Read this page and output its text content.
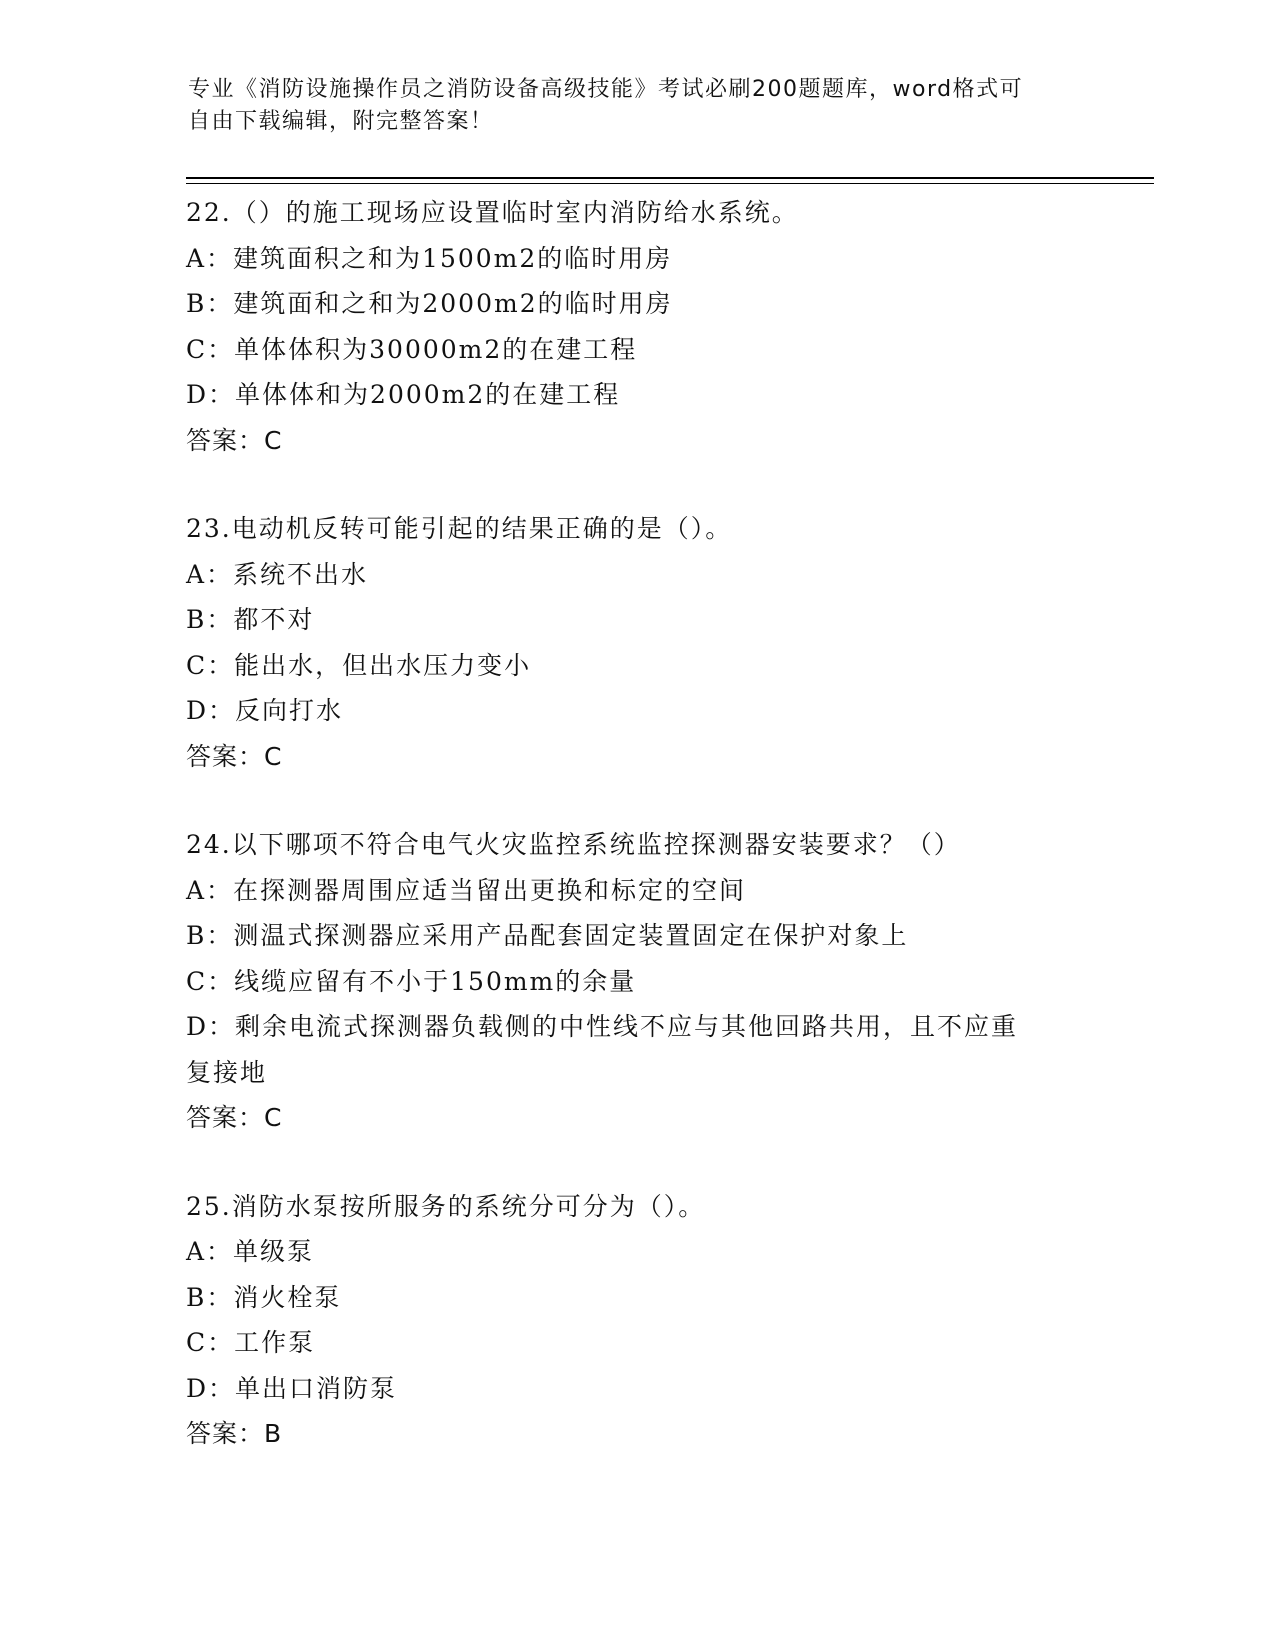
专业《消防设施操作员之消防设备高级技能》考试必刷200题题库，word格式可
自由下载编辑，附完整答案！
22.（）的施工现场应设置临时室内消防给水系统。
A：建筑面积之和为1500m2的临时用房
B：建筑面和之和为2000m2的临时用房
C：单体体积为30000m2的在建工程
D：单体体和为2000m2的在建工程
答案：C
23.电动机反转可能引起的结果正确的是（）。
A：系统不出水
B：都不对
C：能出水，但出水压力变小
D：反向打水
答案：C
24.以下哪项不符合电气火灾监控系统监控探测器安装要求？（）
A：在探测器周围应适当留出更换和标定的空间
B：测温式探测器应采用产品配套固定装置固定在保护对象上
C：线缆应留有不小于150mm的余量
D：剩余电流式探测器负载侧的中性线不应与其他回路共用，且不应重
复接地
答案：C
25.消防水泵按所服务的系统分可分为（）。
A：单级泵
B：消火栓泵
C：工作泵
D：单出口消防泵
答案：B
